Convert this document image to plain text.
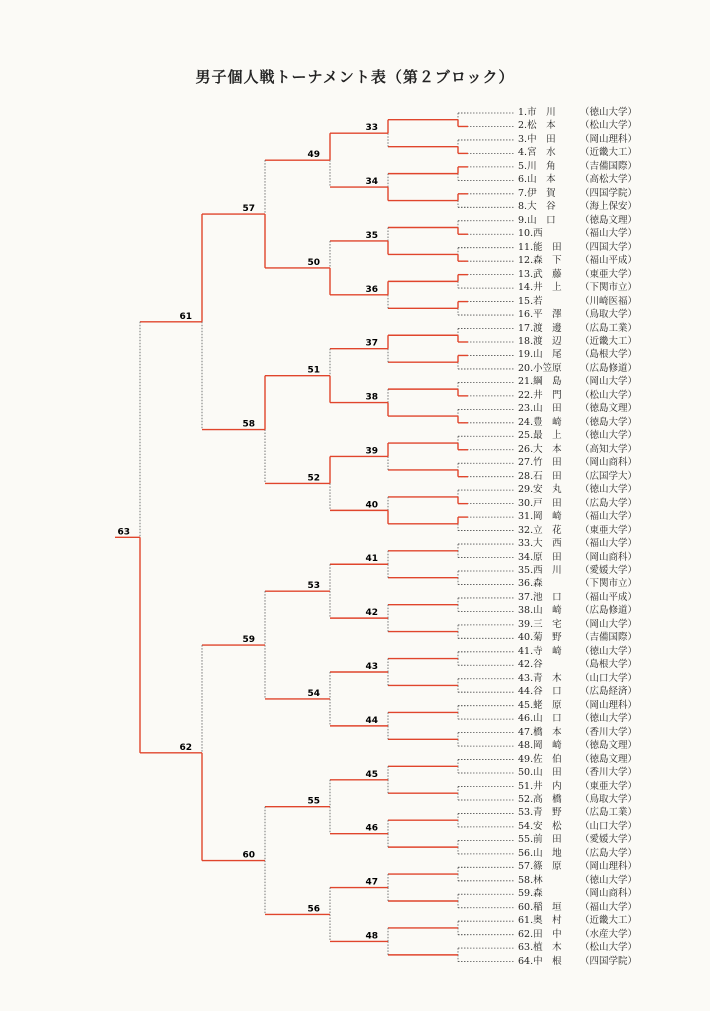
男子個人戦トーナメント表（第２ブロック）
33
34
35
36
37
38
39
40
41
42
43
44
45
46
47
48
49
50
51
52
53
54
55
56
57
58
59
60
61
62
63
1.市　川	（徳山大学）
2.松　本	（松山大学）
3.中　田	（岡山理科）
4.宮　水	（近畿大工）
5.川　角	（吉備国際）
6.山　本	（高松大学）
7.伊　賀	（四国学院）
8.大　谷	（海上保安）
9.山　口	（徳島文理）
10.西	（福山大学）
11.能　田 （四国大学）
12.森　下 （福山平成）
13.武　藤 （東亜大学）
14.井　上 （下関市立）
15.若	（川崎医福）
16.平　澤 （鳥取大学）
17.渡　邊 （広島工業）
18.渡　辺 （近畿大工）
19.山　尾 （島根大学）
20.小笠原 （広島修道）
21.綱　島 （岡山大学）
22.井　門 （松山大学）
23.山　田 （徳島文理）
24.豊　崎 （徳島大学）
25.最　上 （徳山大学）
26.大　本 （高知大学）
27.竹　田 （岡山商科）
28.石　田 （広国学大）
29.安　丸 （徳山大学）
30.戸　田 （広島大学）
31.岡　崎 （福山大学）
32.立　花 （東亜大学）
33.大　西 （福山大学）
34.原　田 （岡山商科）
35.西　川 （愛媛大学）
36.森	（下関市立）
37.池　口 （福山平成）
38.山　崎 （広島修道）
39.三　宅 （岡山大学）
40.菊　野 （吉備国際）
41.寺　崎 （徳山大学）
42.谷	（島根大学）
43.青　木 （山口大学）
44.谷　口 （広島経済）
45.蛯　原 （岡山理科）
46.山　口 （徳山大学）
47.橋　本 （香川大学）
48.岡　崎 （徳島文理）
49.佐　伯 （徳島文理）
50.山　田 （香川大学）
51.井　内 （東亜大学）
52.高　橋 （鳥取大学）
53.青　野 （広島工業）
54.安　松 （山口大学）
55.前　田 （愛媛大学）
56.山　地 （広島大学）
57.篠　原 （岡山理科）
58.林	（徳山大学）
59.森	（岡山商科）
60.稲　垣 （福山大学）
61.奥　村 （近畿大工）
62.田　中 （水産大学）
63.植　木 （松山大学）
64.中　根 （四国学院）
